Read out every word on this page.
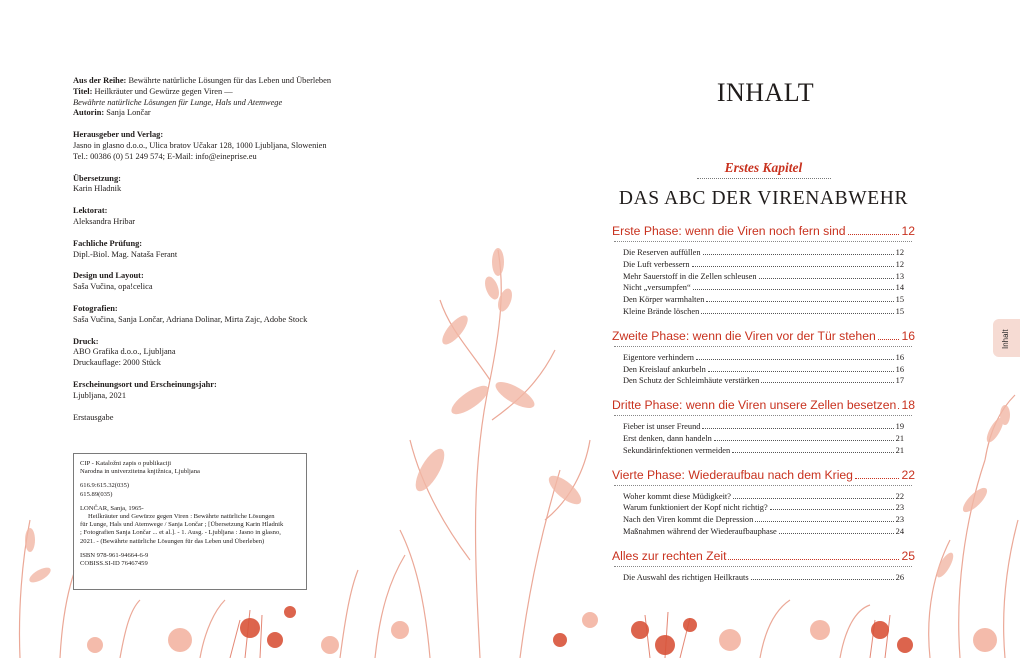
Aus der Reihe: Bewährte natürliche Lösungen für das Leben und Überleben
Titel: Heilkräuter und Gewürze gegen Viren —
Bewährte natürliche Lösungen für Lunge, Hals und Atemwege
Autorin: Sanja Lončar
Herausgeber und Verlag:
Jasno in glasno d.o.o., Ulica bratov Učakar 128, 1000 Ljubljana, Slowenien
Tel.: 00386 (0) 51 249 574; E-Mail: info@eineprise.eu
Übersetzung:
Karin Hladnik
Lektorat:
Aleksandra Hribar
Fachliche Prüfung:
Dipl.-Biol. Mag. Nataša Ferant
Design und Layout:
Saša Vučina, opa!celica
Fotografien:
Saša Vučina, Sanja Lončar, Adriana Dolinar, Mirta Zajc, Adobe Stock
Druck:
ABO Grafika d.o.o., Ljubljana
Druckauflage: 2000 Stück
Erscheinungsort und Erscheinungsjahr:
Ljubljana, 2021
Erstausgabe
CIP - Kataložni zapis o publikaciji
Narodna in univerzitetna knjižnica, Ljubljana
616.9:615.32(035)
615.89(035)
LONČAR, Sanja, 1965-
Heilkräuter und Gewürze gegen Viren : Bewährte natürliche Lösungen
für Lunge, Hals und Atemwege / Sanja Lončar ; [Übersetzung Karin Hladnik
; Fotografien Sanja Lončar ... et al.]. - 1. Ausg. - Ljubljana : Jasno in glasno,
2021. - (Bewährte natürliche Lösungen für das Leben und Überleben)
ISBN 978-961-94664-6-9
COBISS.SI-ID 76467459
INHALT
Erstes Kapitel
DAS ABC DER VIRENABWEHR
Erste Phase: wenn die Viren noch fern sind	12
Die Reserven auffüllen	12
Die Luft verbessern	12
Mehr Sauerstoff in die Zellen schleusen	13
Nicht „versumpfen“	14
Den Körper warmhalten	15
Kleine Brände löschen	15
Zweite Phase: wenn die Viren vor der Tür stehen 16
Eigentore verhindern	16
Den Kreislauf ankurbeln	16
Den Schutz der Schleimhäute verstärken	17
Dritte Phase: wenn die Viren unsere Zellen besetzen 18
Fieber ist unser Freund	19
Erst denken, dann handeln	21
Sekundärinfektionen vermeiden	21
Vierte Phase: Wiederaufbau nach dem Krieg	22
Woher kommt diese Müdigkeit?	22
Warum funktioniert der Kopf nicht richtig?	23
Nach den Viren kommt die Depression	23
Maßnahmen während der Wiederaufbauphase	24
Alles zur rechten Zeit	25
Die Auswahl des richtigen Heilkrauts	26
Inhalt
